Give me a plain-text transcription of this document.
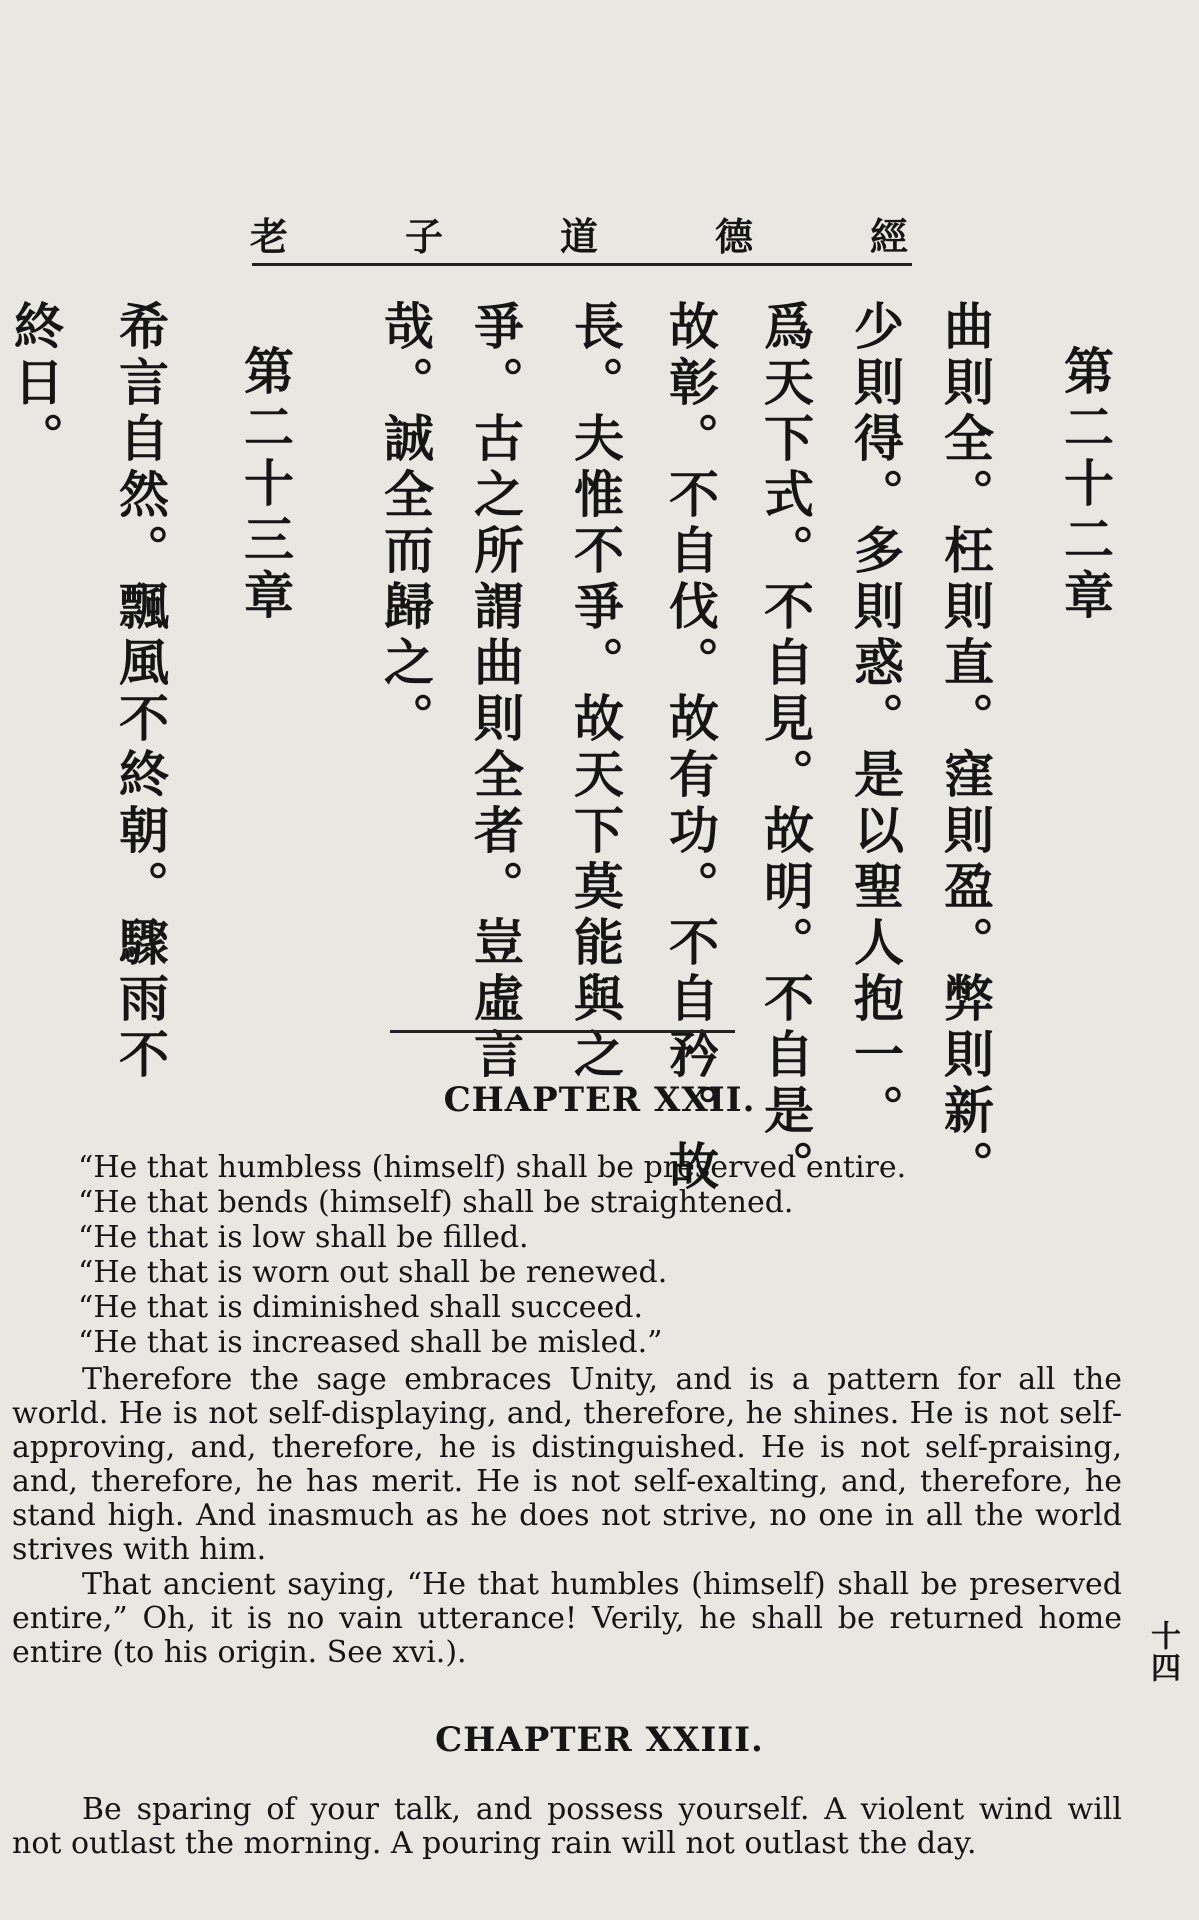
老	子	道	德	經
第二十二章
曲則全。枉則直。窪則盈。弊則新。
少則得。多則惑。是以聖人抱一。
爲天下式。不自見。故明。不自是。
故彰。不自伐。故有功。不自矜。故
長。夫惟不爭。故天下莫能與之
爭。古之所謂曲則全者。豈虛言
哉。誠全而歸之。
第二十三章
希言自然。飄風不終朝。驟雨不
終日。
CHAPTER XXII.
“He that humbless (himself) shall be preserved entire.
“He that bends (himself) shall be straightened.
“He that is low shall be filled.
“He that is worn out shall be renewed.
“He that is diminished shall succeed.
“He that is increased shall be misled.”
Therefore the sage embraces Unity, and is a pattern for all the world. He is not self-displaying, and, therefore, he shines. He is not self-approving, and, therefore, he is distinguished. He is not self-praising, and, therefore, he has merit. He is not self-exalting, and, therefore, he stand high. And inasmuch as he does not strive, no one in all the world strives with him.
That ancient saying, “He that humbles (himself) shall be preserved entire,” Oh, it is no vain utterance! Verily, he shall be returned home entire (to his origin. See xvi.).	十四
CHAPTER XXIII.
Be sparing of your talk, and possess yourself. A violent wind will not outlast the morning. A pouring rain will not outlast the day.
